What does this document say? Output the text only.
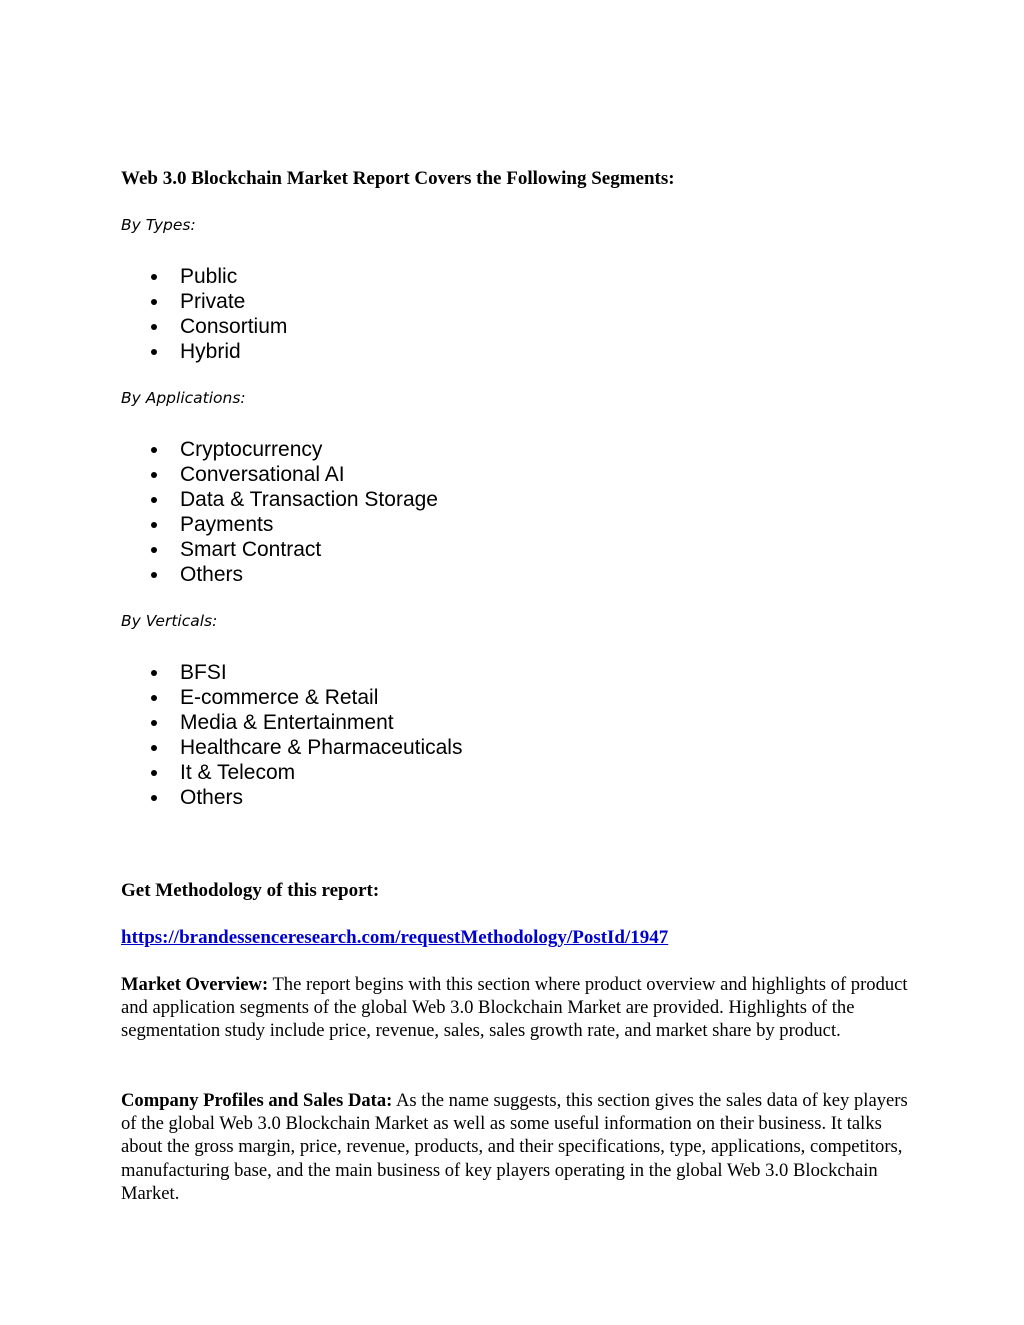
Web 3.0 Blockchain Market Report Covers the Following Segments:
By Types:
Public
Private
Consortium
Hybrid
By Applications:
Cryptocurrency
Conversational AI
Data & Transaction Storage
Payments
Smart Contract
Others
By Verticals:
BFSI
E-commerce & Retail
Media & Entertainment
Healthcare & Pharmaceuticals
It & Telecom
Others
Get Methodology of this report:
https://brandessenceresearch.com/requestMethodology/PostId/1947

Market Overview: The report begins with this section where product overview and highlights of product and application segments of the global Web 3.0 Blockchain Market are provided. Highlights of the segmentation study include price, revenue, sales, sales growth rate, and market share by product.

Company Profiles and Sales Data: As the name suggests, this section gives the sales data of key players of the global Web 3.0 Blockchain Market as well as some useful information on their business. It talks about the gross margin, price, revenue, products, and their specifications, type, applications, competitors, manufacturing base, and the main business of key players operating in the global Web 3.0 Blockchain Market.
